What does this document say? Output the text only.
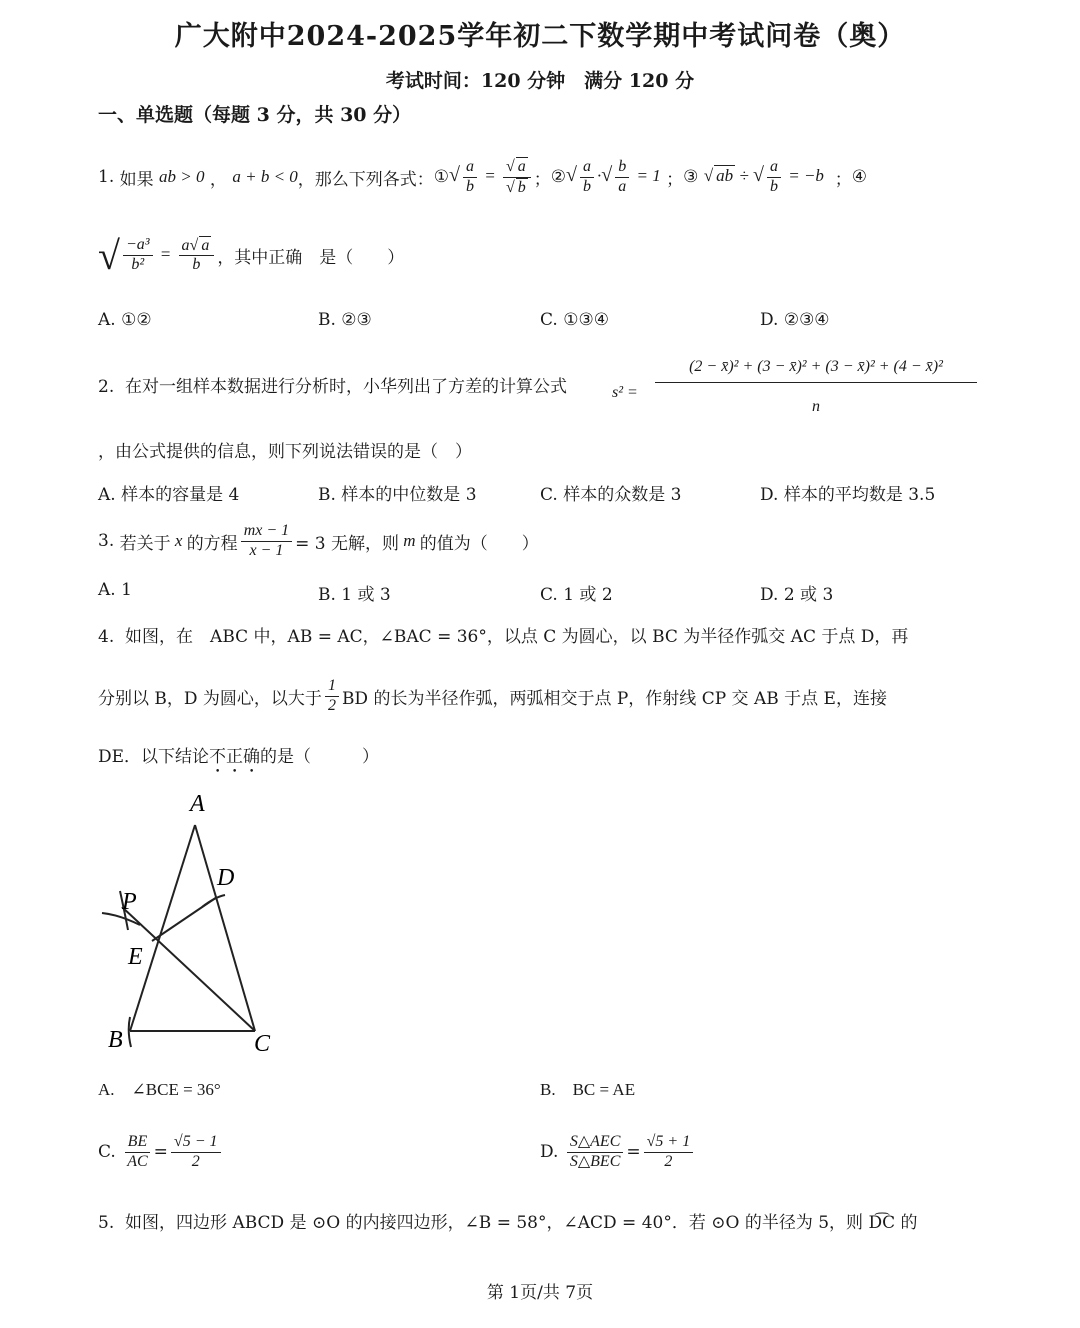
广大附中2024-2025学年初二下数学期中考试问卷（奥）
考试时间：120 分钟　满分 120 分
一、单选题（每题 3 分，共 30 分）
1.
如果
ab > 0 ， a + b < 0 ，那么下列各式： ① √ $\frac{a}{b} = \frac{√ a}{√ b}$ ； ② √ $\frac{a}{b}$ ·√ $\frac{b}{a} = 1$ ； ③
√ ab ÷ √ $\frac{a}{b} = -b$ ； ④
√ $\frac{\text{−a³}}{\text{b²}} = \frac{a√ a}{b}$ ，其中正确　是（　　）
A. ①②	B. ②③	C. ①③④	D. ②③④
2. 在对一组样本数据进行分析时，小华列出了方差的计算公式	s² =
(2 − x̄)² + (3 − x̄)² + (3 − x̄)² + (4 − x̄)²
n
，由公式提供的信息，则下列说法错误的是（　）
A. 样本的容量是 4	B. 样本的中位数是 3	C. 样本的众数是 3	D. 样本的平均数是 3.5
3.
若关于 x 的方程 $\frac{mx - 1}{x - 1} = 3$ 无解，则 m 的值为（　　）
A. 1	B. 1 或 3	C. 1 或 2	D. 2 或 3
4. 如图，在　ABC 中，AB = AC，∠BAC = 36°，以点 C 为圆心，以 BC 为半径作弧交 AC 于点 D，再
分别以 B，D 为圆心，以大于 $\frac{1}{2}$ BD 的长为半径作弧，两弧相交于点 P，作射线 CP 交 AB 于点 E，连接
DE．以下结论不正确的是（　　　）
A
D
P
E
B	C
A.　∠BCE = 36°	B.　BC = AE
C.
$\frac{BE}{AC} = \frac{√5 - 1}{2}$	D.
$\frac{\text{S△AEC}}{\text{S△BEC}} = \frac{√5 + 1}{2}$
5. 如图，四边形 ABCD 是 ⊙O 的内接四边形，∠B = 58°，∠ACD = 40°．若 ⊙O 的半径为 5，则 D͡C 的
第 1页/共 7页
